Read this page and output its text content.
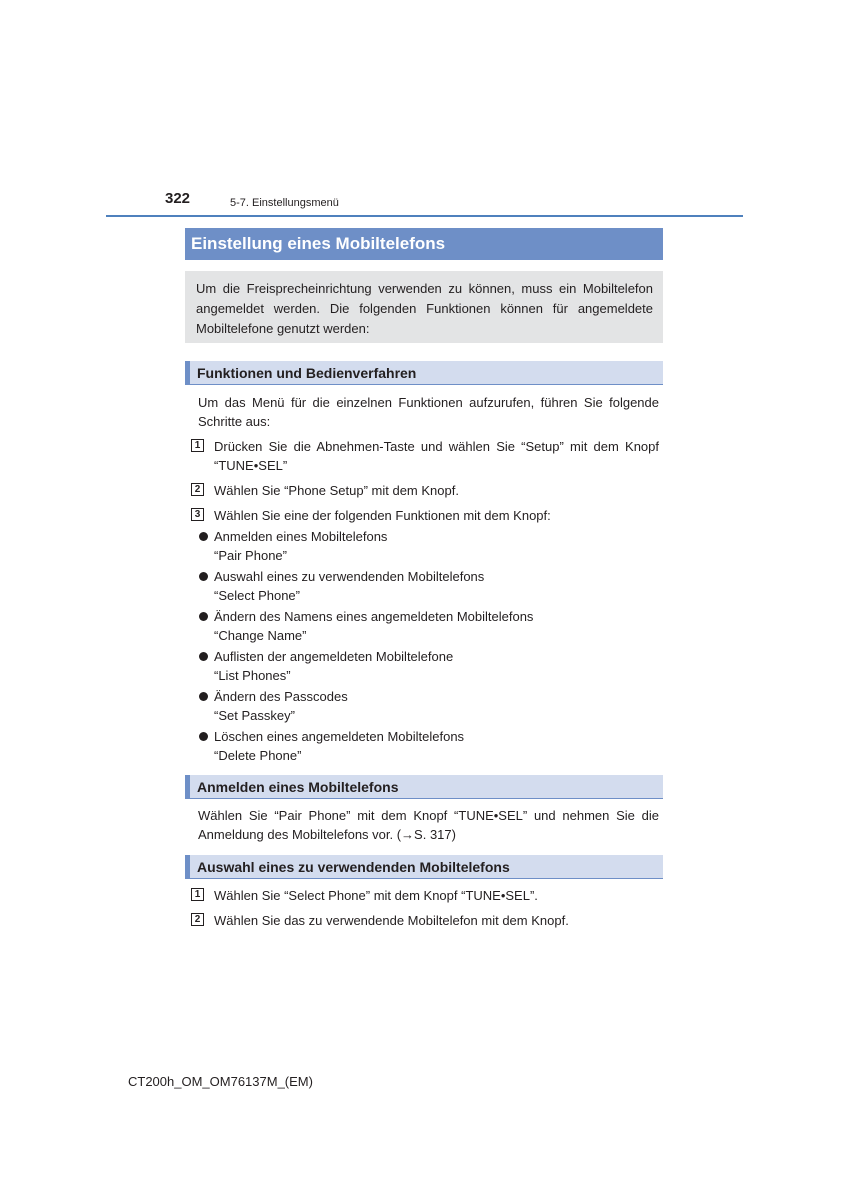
322	5-7. Einstellungsmenü
Einstellung eines Mobiltelefons
Um die Freisprecheinrichtung verwenden zu können, muss ein Mobiltelefon angemeldet werden. Die folgenden Funktionen können für angemeldete Mobiltelefone genutzt werden:
Funktionen und Bedienverfahren
Um das Menü für die einzelnen Funktionen aufzurufen, führen Sie folgende Schritte aus:
1 Drücken Sie die Abnehmen-Taste und wählen Sie “Setup” mit dem Knopf “TUNE•SEL”
2 Wählen Sie “Phone Setup” mit dem Knopf.
3 Wählen Sie eine der folgenden Funktionen mit dem Knopf:
Anmelden eines Mobiltelefons
“Pair Phone”
Auswahl eines zu verwendenden Mobiltelefons
“Select Phone”
Ändern des Namens eines angemeldeten Mobiltelefons
“Change Name”
Auflisten der angemeldeten Mobiltelefone
“List Phones”
Ändern des Passcodes
“Set Passkey”
Löschen eines angemeldeten Mobiltelefons
“Delete Phone”
Anmelden eines Mobiltelefons
Wählen Sie “Pair Phone” mit dem Knopf “TUNE•SEL” und nehmen Sie die Anmeldung des Mobiltelefons vor. (→S. 317)
Auswahl eines zu verwendenden Mobiltelefons
1 Wählen Sie “Select Phone” mit dem Knopf “TUNE•SEL”.
2 Wählen Sie das zu verwendende Mobiltelefon mit dem Knopf.
CT200h_OM_OM76137M_(EM)
